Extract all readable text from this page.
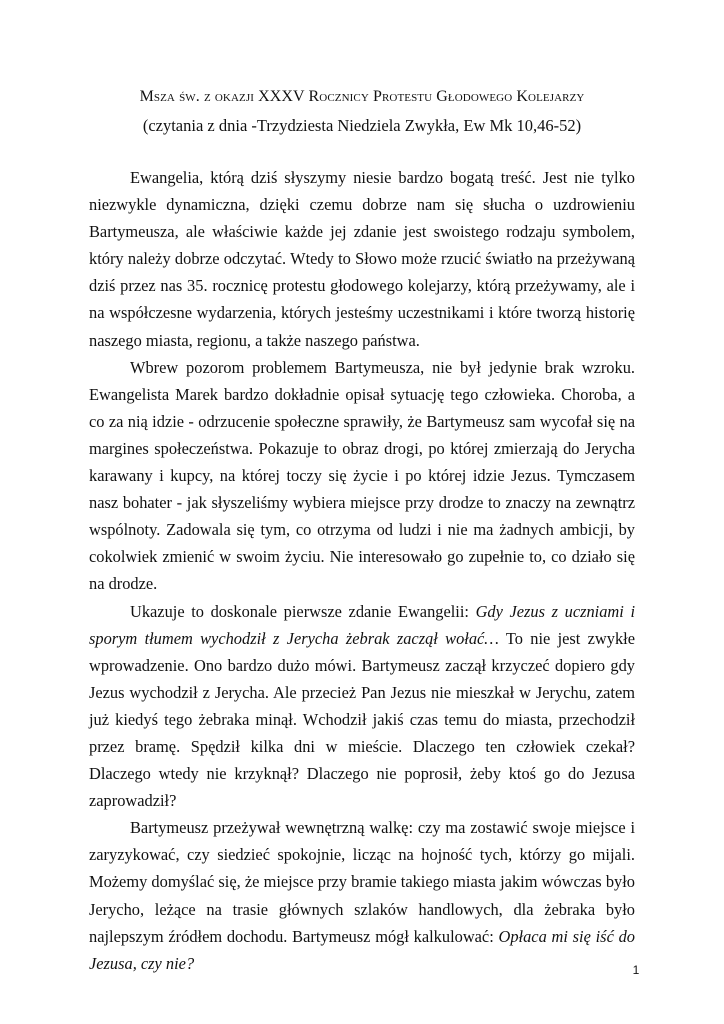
Msza św. z okazji XXXV Rocznicy Protestu Głodowego Kolejarzy
(czytania z dnia -Trzydziesta Niedziela Zwykła, Ew Mk 10,46-52)

Ewangelia, którą dziś słyszymy niesie bardzo bogatą treść. Jest nie tylko niezwykle dynamiczna, dzięki czemu dobrze nam się słucha o uzdrowieniu Bartymeusza, ale właściwie każde jej zdanie jest swoistego rodzaju symbolem, który należy dobrze odczytać. Wtedy to Słowo może rzucić światło na przeżywaną dziś przez nas 35. rocznicę protestu głodowego kolejarzy, którą przeżywamy, ale i na współczesne wydarzenia, których jesteśmy uczestnikami i które tworzą historię naszego miasta, regionu, a także naszego państwa.

Wbrew pozorom problemem Bartymeusza, nie był jedynie brak wzroku. Ewangelista Marek bardzo dokładnie opisał sytuację tego człowieka. Choroba, a co za nią idzie - odrzucenie społeczne sprawiły, że Bartymeusz sam wycofał się na margines społeczeństwa. Pokazuje to obraz drogi, po której zmierzają do Jerycha karawany i kupcy, na której toczy się życie i po której idzie Jezus. Tymczasem nasz bohater - jak słyszeliśmy wybiera miejsce przy drodze to znaczy na zewnątrz wspólnoty. Zadowala się tym, co otrzyma od ludzi i nie ma żadnych ambicji, by cokolwiek zmienić w swoim życiu. Nie interesowało go zupełnie to, co działo się na drodze.

Ukazuje to doskonale pierwsze zdanie Ewangelii: Gdy Jezus z uczniami i sporym tłumem wychodził z Jerycha żebrak zaczął wołać… To nie jest zwykłe wprowadzenie. Ono bardzo dużo mówi. Bartymeusz zaczął krzyczeć dopiero gdy Jezus wychodził z Jerycha. Ale przecież Pan Jezus nie mieszkał w Jerychu, zatem już kiedyś tego żebraka minął. Wchodził jakiś czas temu do miasta, przechodził przez bramę. Spędził kilka dni w mieście. Dlaczego ten człowiek czekał? Dlaczego wtedy nie krzyknął? Dlaczego nie poprosił, żeby ktoś go do Jezusa zaprowadził?

Bartymeusz przeżywał wewnętrzną walkę: czy ma zostawić swoje miejsce i zaryzykować, czy siedzieć spokojnie, licząc na hojność tych, którzy go mijali. Możemy domyślać się, że miejsce przy bramie takiego miasta jakim wówczas było Jerycho, leżące na trasie głównych szlaków handlowych, dla żebraka było najlepszym źródłem dochodu. Bartymeusz mógł kalkulować: Opłaca mi się iść do Jezusa, czy nie?	1
